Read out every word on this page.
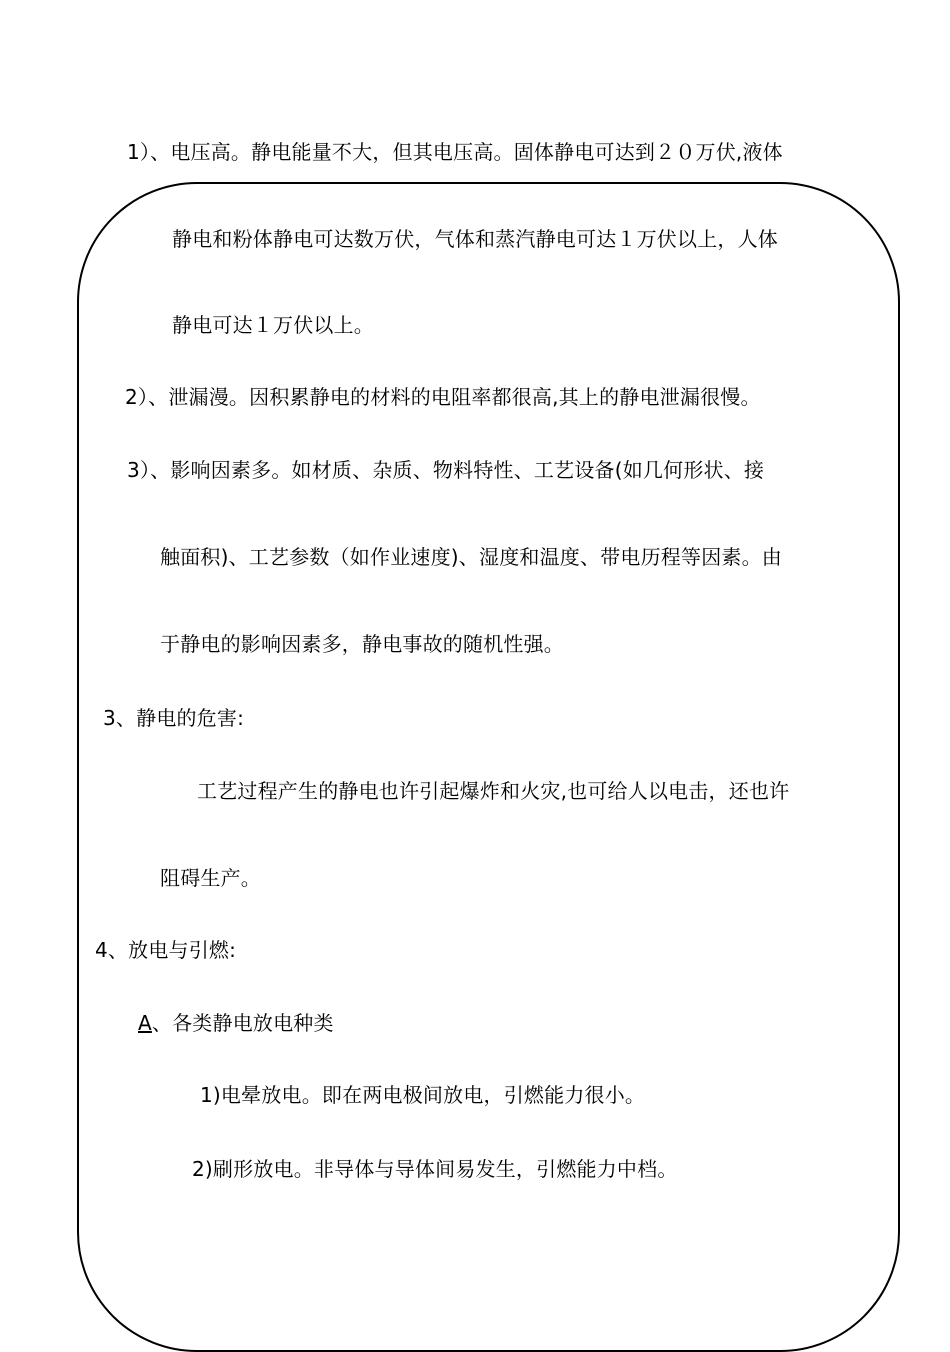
1）、电压高。静电能量不大，但其电压高。固体静电可达到２０万伏,液体
静电和粉体静电可达数万伏，气体和蒸汽静电可达１万伏以上，人体
静电可达１万伏以上。
2）、泄漏漫。因积累静电的材料的电阻率都很高,其上的静电泄漏很慢。
3）、影响因素多。如材质、杂质、物料特性、工艺设备(如几何形状、接
触面积)、工艺参数（如作业速度)、湿度和温度、带电历程等因素。由
于静电的影响因素多，静电事故的随机性强。
3、静电的危害:
工艺过程产生的静电也许引起爆炸和火灾,也可给人以电击，还也许
阻碍生产。
4、放电与引燃:
A、各类静电放电种类
1)电晕放电。即在两电极间放电，引燃能力很小。
2)刷形放电。非导体与导体间易发生，引燃能力中档。
